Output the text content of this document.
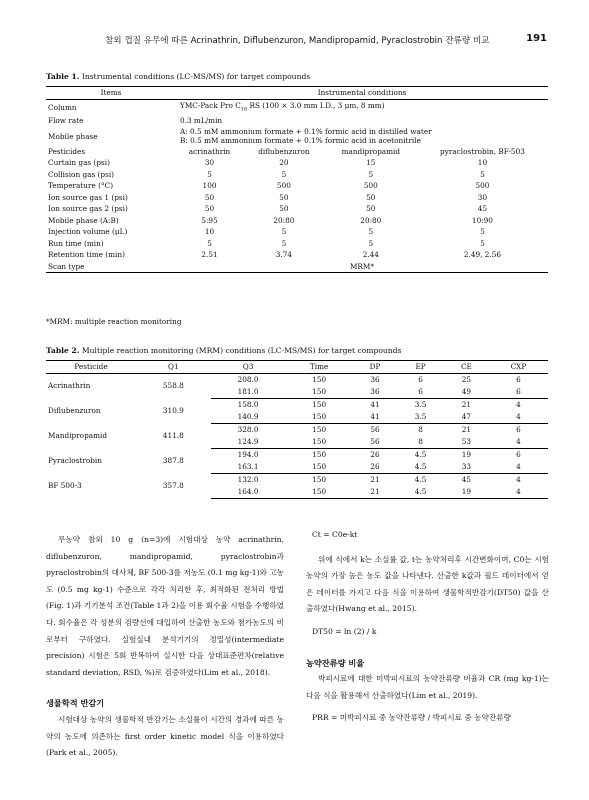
참외 껍질 유무에 따른 Acrinathrin, Diflubenzuron, Mandipropamid, Pyraclostrobin 잔류량 비교	191
Table 1. Instrumental conditions (LC-MS/MS) for target compounds
Items	Instrumental conditions			
Column	YMC-Pack Pro $C_{18}$ RS (100 × 3.0 mm I.D., 3 μm, 8 mm)			
Flow rate	0.3 mL/min			
Mobile phase	A: 0.5 mM ammonium formate + 0.1% formic acid in distilled water
B: 0.5 mM ammonium formate + 0.1% formic acid in acetonitrile			
Pesticides	acrinathrin	diflubenzuron	mandipropamid	pyraclostrobin, BF-503
Curtain gas (psi)	30	20	15	10
Collision gas (psi)	5	5	5	5
Temperature (°C)	100	500	500	500
Ion source gas 1 (psi)	50	50	50	30
Ion source gas 2 (psi)	50	50	50	45
Mobile phase (A:B)	5:95	20:80	20:80	10:90
Injection volume (μL)	10	5	5	5
Run time (min)	5	5	5	5
Retention time (min)	2.51	3.74	2.44	2.49, 2.56
Scan type	MRM*			
*MRM: multiple reaction monitoring
Table 2. Multiple reaction monitoring (MRM) conditions (LC-MS/MS) for target compounds
Pesticide	Q1	Q3	Time	DP	EP	CE	CXP
Acrinathrin	558.8	208.0	150	36	6	25	6
		181.0	150	36	6	49	6
Diflubenzuron	310.9	158.0	150	41	3.5	21	4
		140.9	150	41	3.5	47	4
Mandipropamid	411.8	328.0	150	56	8	21	6
		124.9	150	56	8	53	4
Pyraclostrobin	387.8	194.0	150	26	4.5	19	6
		163.1	150	26	4.5	33	4
BF 500-3	357.8	132.0	150	21	4.5	45	4
		164.0	150	21	4.5	19	4

무농약 참외 10 g (n=3)에 시험대상 농약 acrinathrin, diflubenzuron, mandipropamid, pyraclostrobin과 pyraclostrobin의 대사체, BF 500-3를 저농도 (0.1 mg kg-1)와 고농도 (0.5 mg kg-1) 수준으로 각각 처리한 후, 최적화된 전처리 방법(Fig. 1)과 기기분석 조건(Table 1과 2)을 이용 회수율 시험을 수행하였다. 회수율은 각 성분의 검량선에 대입하여 산출한 농도와 첨가농도의 비로부터 구하였다. 실험실내 분석기기의 정밀성(intermediate precision) 시험은 5회 반복하여 실시한 다음 상대표준편차(relative standard deviation, RSD, %)로 검증하였다(Lim et al., 2018).

생물학적 반감기

시험대상 농약의 생물학적 반감기는 소실률이 시간의 경과에 따른 농약의 농도에 의존하는 first order kinetic model 식을 이용하였다(Park et al., 2005).

Ct = C0e-kt

위에 식에서 k는 소실률 값, t는 농약처리후 시간변화이며, C0는 시험농약의 가장 높은 농도 값을 나타낸다. 산출한 k값과 필드 데이터에서 얻은 데이터를 가지고 다음 식을 이용하여 생물학적반감기(DT50) 값을 산출하였다(Hwang et al., 2015).

DT50 = ln (2) / k

농약잔류량 비율

박피시료에 대한 미박피시료의 농약잔류량 비율과 CR (mg kg-1)는 다음 식을 활용해서 산출하였다(Lim et al., 2019).

PRR = 미박피시료 중 농약잔류량 / 박피시료 중 농약잔류량
